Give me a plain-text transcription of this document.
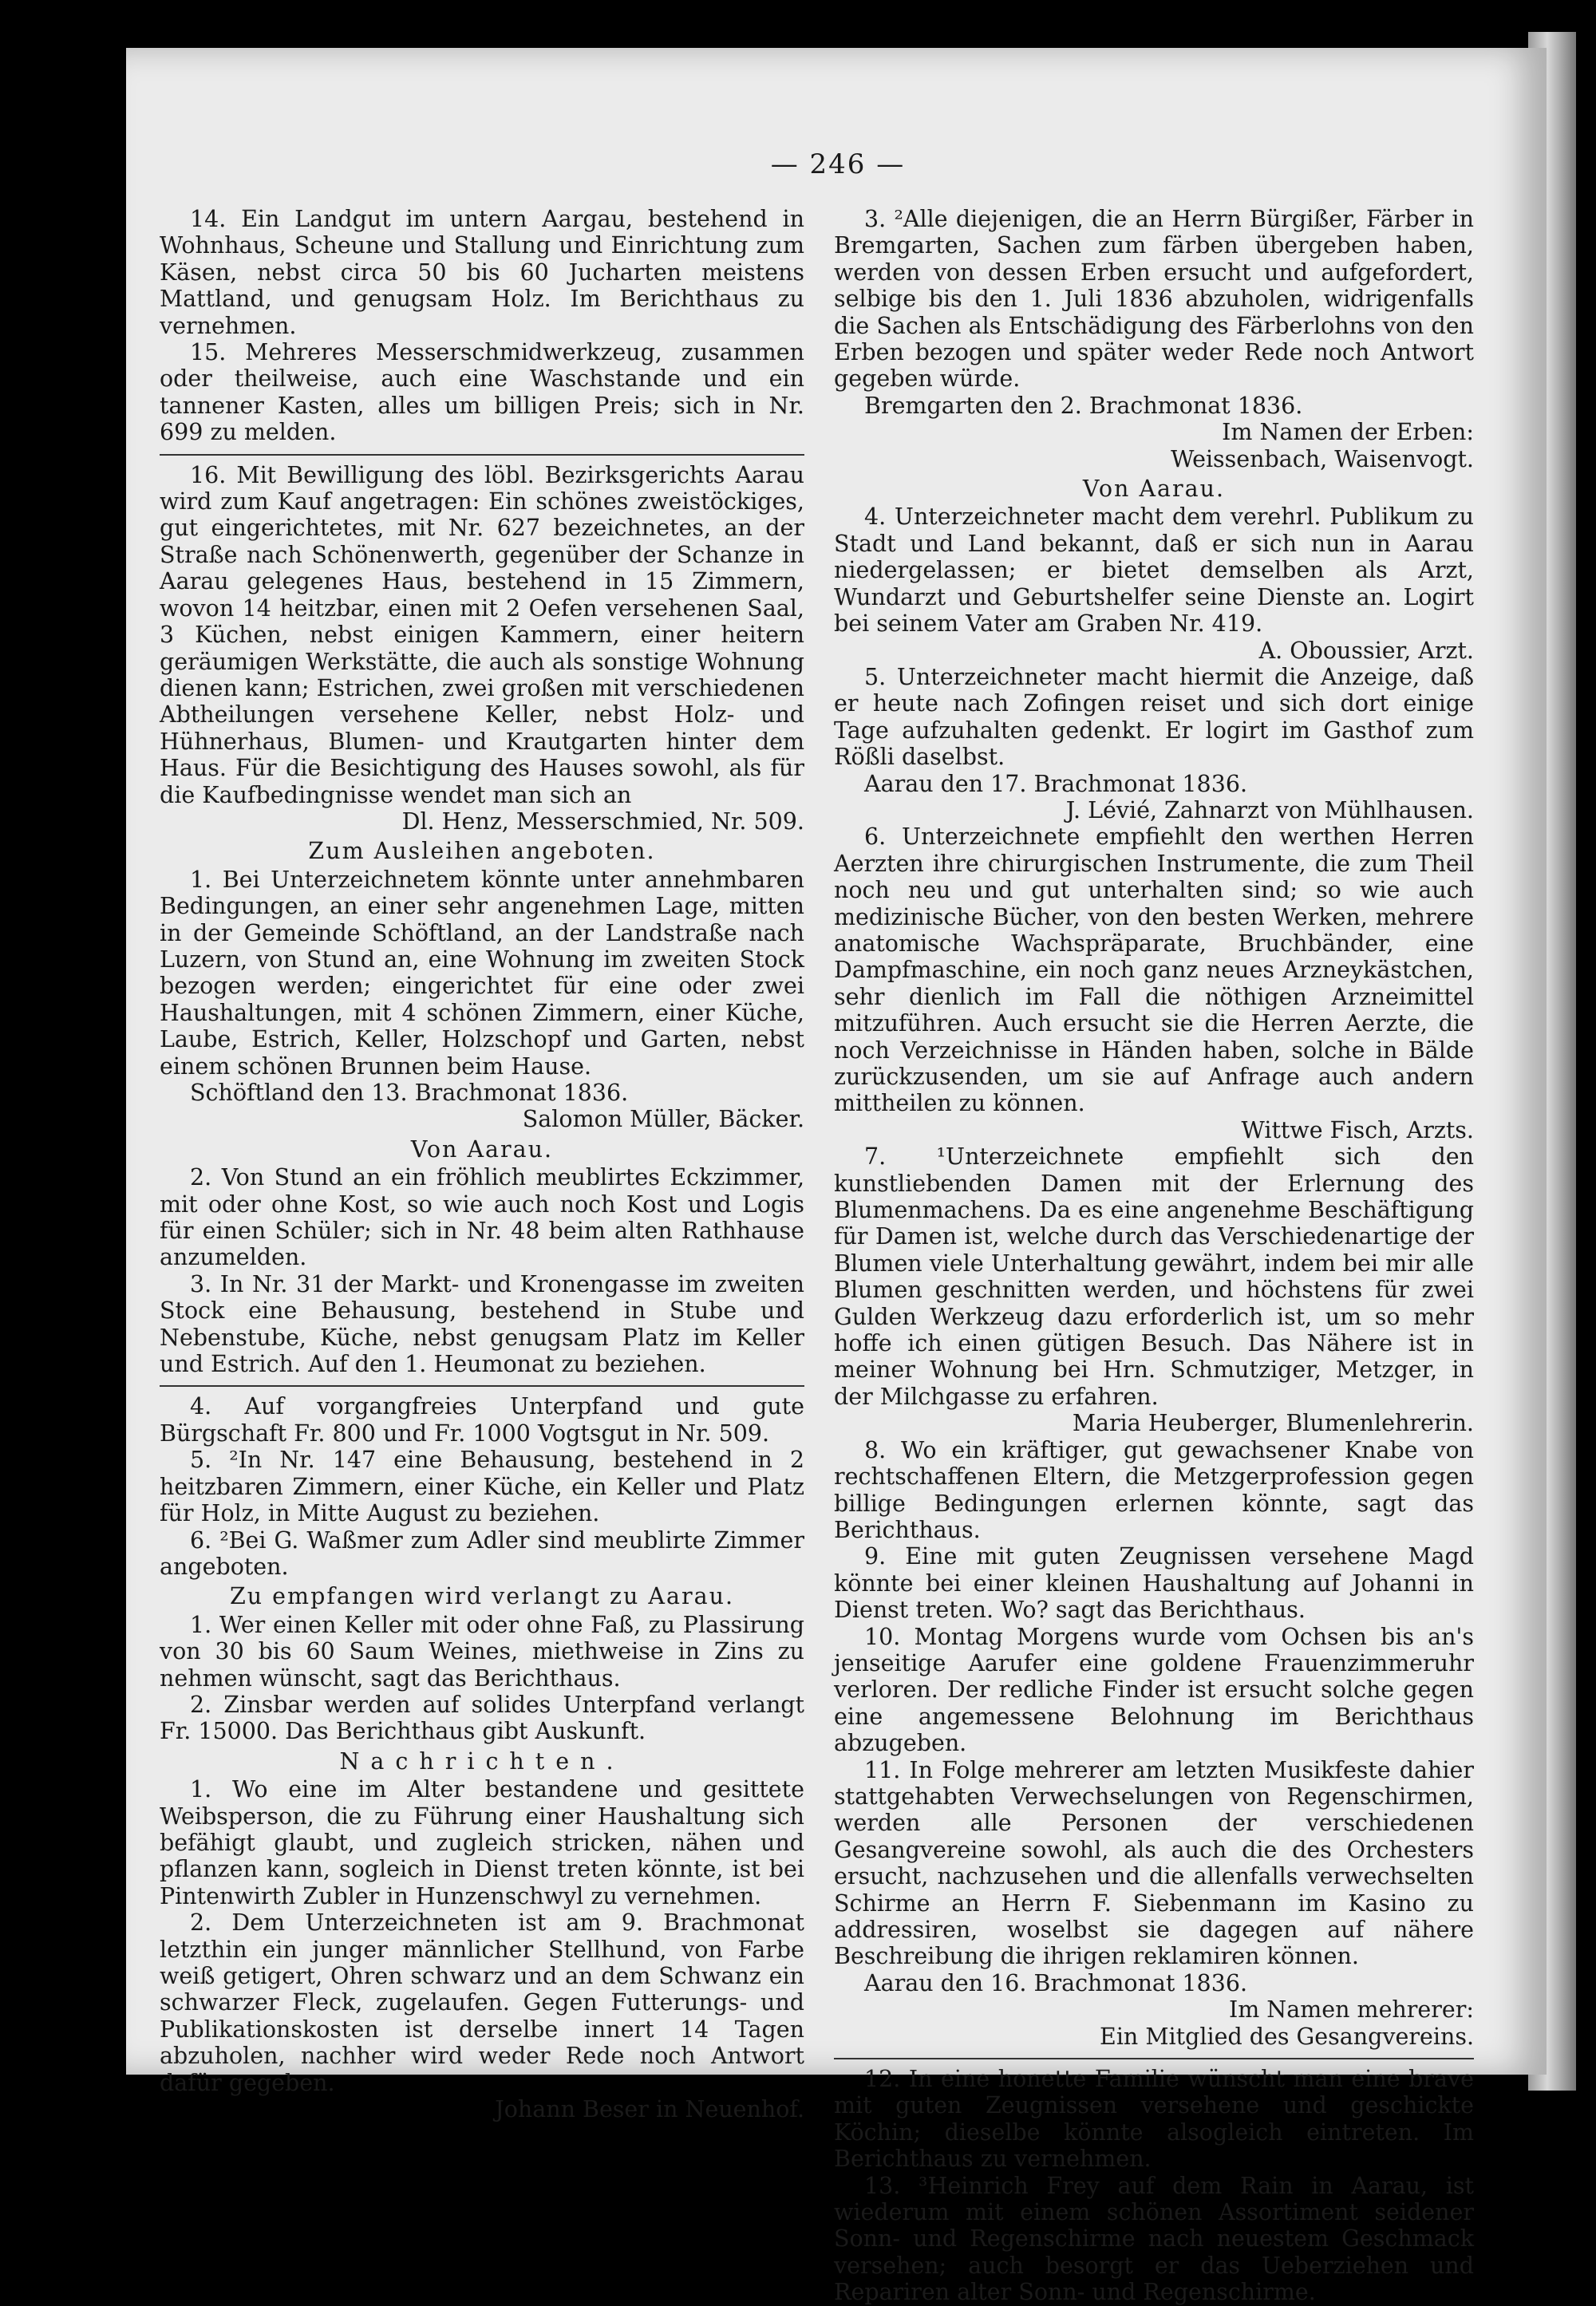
— 246 —

14. Ein Landgut im untern Aargau, bestehend in Wohnhaus, Scheune und Stallung und Einrichtung zum Käsen, nebst circa 50 bis 60 Jucharten meistens Mattland, und genugsam Holz. Im Berichthaus zu vernehmen.

15. Mehreres Messerschmidwerkzeug, zusammen oder theilweise, auch eine Waschstande und ein tannener Kasten, alles um billigen Preis; sich in Nr. 699 zu melden.

16. Mit Bewilligung des löbl. Bezirksgerichts Aarau wird zum Kauf angetragen: Ein schönes zweistöckiges, gut eingerichtetes, mit Nr. 627 bezeichnetes, an der Straße nach Schönenwerth, gegenüber der Schanze in Aarau gelegenes Haus, bestehend in 15 Zimmern, wovon 14 heitzbar, einen mit 2 Oefen versehenen Saal, 3 Küchen, nebst einigen Kammern, einer heitern geräumigen Werkstätte, die auch als sonstige Wohnung dienen kann; Estrichen, zwei großen mit verschiedenen Abtheilungen versehene Keller, nebst Holz- und Hühnerhaus, Blumen- und Krautgarten hinter dem Haus. Für die Besichtigung des Hauses sowohl, als für die Kaufbedingnisse wendet man sich an

Dl. Henz, Messerschmied, Nr. 509.

Zum Ausleihen angeboten.

1. Bei Unterzeichnetem könnte unter annehmbaren Bedingungen, an einer sehr angenehmen Lage, mitten in der Gemeinde Schöftland, an der Landstraße nach Luzern, von Stund an, eine Wohnung im zweiten Stock bezogen werden; eingerichtet für eine oder zwei Haushaltungen, mit 4 schönen Zimmern, einer Küche, Laube, Estrich, Keller, Holzschopf und Garten, nebst einem schönen Brunnen beim Hause.

Schöftland den 13. Brachmonat 1836.

Salomon Müller, Bäcker.

Von Aarau.

2. Von Stund an ein fröhlich meublirtes Eckzimmer, mit oder ohne Kost, so wie auch noch Kost und Logis für einen Schüler; sich in Nr. 48 beim alten Rathhause anzumelden.

3. In Nr. 31 der Markt- und Kronengasse im zweiten Stock eine Behausung, bestehend in Stube und Nebenstube, Küche, nebst genugsam Platz im Keller und Estrich. Auf den 1. Heumonat zu beziehen.

4. Auf vorgangfreies Unterpfand und gute Bürgschaft Fr. 800 und Fr. 1000 Vogtsgut in Nr. 509.

5. ²In Nr. 147 eine Behausung, bestehend in 2 heitzbaren Zimmern, einer Küche, ein Keller und Platz für Holz, in Mitte August zu beziehen.

6. ²Bei G. Waßmer zum Adler sind meublirte Zimmer angeboten.

Zu empfangen wird verlangt zu Aarau.

1. Wer einen Keller mit oder ohne Faß, zu Plassirung von 30 bis 60 Saum Weines, miethweise in Zins zu nehmen wünscht, sagt das Berichthaus.

2. Zinsbar werden auf solides Unterpfand verlangt Fr. 15000. Das Berichthaus gibt Auskunft.

Nachrichten.

1. Wo eine im Alter bestandene und gesittete Weibsperson, die zu Führung einer Haushaltung sich befähigt glaubt, und zugleich stricken, nähen und pflanzen kann, sogleich in Dienst treten könnte, ist bei Pintenwirth Zubler in Hunzenschwyl zu vernehmen.

2. Dem Unterzeichneten ist am 9. Brachmonat letzthin ein junger männlicher Stellhund, von Farbe weiß getigert, Ohren schwarz und an dem Schwanz ein schwarzer Fleck, zugelaufen. Gegen Futterungs- und Publikationskosten ist derselbe innert 14 Tagen abzuholen, nachher wird weder Rede noch Antwort dafür gegeben.

Johann Beser in Neuenhof.

3. ²Alle diejenigen, die an Herrn Bürgißer, Färber in Bremgarten, Sachen zum färben übergeben haben, werden von dessen Erben ersucht und aufgefordert, selbige bis den 1. Juli 1836 abzuholen, widrigenfalls die Sachen als Entschädigung des Färberlohns von den Erben bezogen und später weder Rede noch Antwort gegeben würde.

Bremgarten den 2. Brachmonat 1836.

Im Namen der Erben:

Weissenbach, Waisenvogt.

Von Aarau.

4. Unterzeichneter macht dem verehrl. Publikum zu Stadt und Land bekannt, daß er sich nun in Aarau niedergelassen; er bietet demselben als Arzt, Wundarzt und Geburtshelfer seine Dienste an. Logirt bei seinem Vater am Graben Nr. 419.

A. Oboussier, Arzt.

5. Unterzeichneter macht hiermit die Anzeige, daß er heute nach Zofingen reiset und sich dort einige Tage aufzuhalten gedenkt. Er logirt im Gasthof zum Rößli daselbst.

Aarau den 17. Brachmonat 1836.

J. Lévié, Zahnarzt von Mühlhausen.

6. Unterzeichnete empfiehlt den werthen Herren Aerzten ihre chirurgischen Instrumente, die zum Theil noch neu und gut unterhalten sind; so wie auch medizinische Bücher, von den besten Werken, mehrere anatomische Wachspräparate, Bruchbänder, eine Dampfmaschine, ein noch ganz neues Arzneykästchen, sehr dienlich im Fall die nöthigen Arzneimittel mitzuführen. Auch ersucht sie die Herren Aerzte, die noch Verzeichnisse in Händen haben, solche in Bälde zurückzusenden, um sie auf Anfrage auch andern mittheilen zu können.

Wittwe Fisch, Arzts.

7. ¹Unterzeichnete empfiehlt sich den kunstliebenden Damen mit der Erlernung des Blumenmachens. Da es eine angenehme Beschäftigung für Damen ist, welche durch das Verschiedenartige der Blumen viele Unterhaltung gewährt, indem bei mir alle Blumen geschnitten werden, und höchstens für zwei Gulden Werkzeug dazu erforderlich ist, um so mehr hoffe ich einen gütigen Besuch. Das Nähere ist in meiner Wohnung bei Hrn. Schmutziger, Metzger, in der Milchgasse zu erfahren.

Maria Heuberger, Blumenlehrerin.

8. Wo ein kräftiger, gut gewachsener Knabe von rechtschaffenen Eltern, die Metzgerprofession gegen billige Bedingungen erlernen könnte, sagt das Berichthaus.

9. Eine mit guten Zeugnissen versehene Magd könnte bei einer kleinen Haushaltung auf Johanni in Dienst treten. Wo? sagt das Berichthaus.

10. Montag Morgens wurde vom Ochsen bis an's jenseitige Aarufer eine goldene Frauenzimmeruhr verloren. Der redliche Finder ist ersucht solche gegen eine angemessene Belohnung im Berichthaus abzugeben.

11. In Folge mehrerer am letzten Musikfeste dahier stattgehabten Verwechselungen von Regenschirmen, werden alle Personen der verschiedenen Gesangvereine sowohl, als auch die des Orchesters ersucht, nachzusehen und die allenfalls verwechselten Schirme an Herrn F. Siebenmann im Kasino zu addressiren, woselbst sie dagegen auf nähere Beschreibung die ihrigen reklamiren können.

Aarau den 16. Brachmonat 1836.

Im Namen mehrerer:

Ein Mitglied des Gesangvereins.

12. In eine honette Familie wünscht man eine brave mit guten Zeugnissen versehene und geschickte Köchin; dieselbe könnte alsogleich eintreten. Im Berichthaus zu vernehmen.

13. ³Heinrich Frey auf dem Rain in Aarau, ist wiederum mit einem schönen Assortiment seidener Sonn- und Regenschirme nach neuestem Geschmack versehen; auch besorgt er das Ueberziehen und Repariren alter Sonn- und Regenschirme.
